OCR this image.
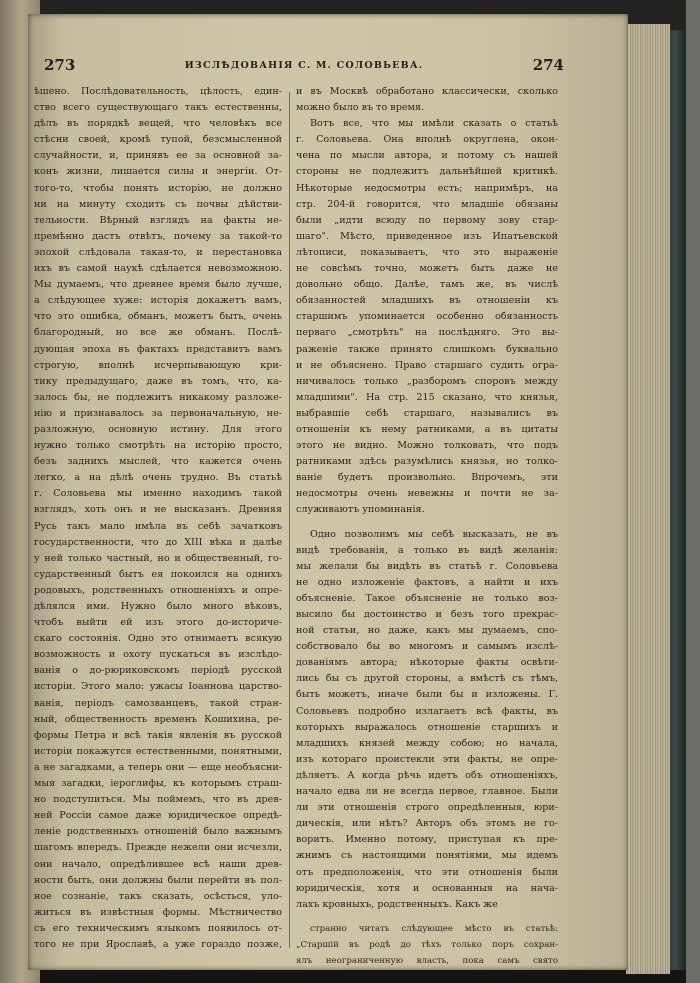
273	ИЗСЛѢДОВАНІЯ С. М. СОЛОВЬЕВА.	274
ѣшено. Послѣдовательность, цѣлость, един-
ство всего существующаго такъ естественны,
дѣлъ въ порядкѣ вещей, что человѣкъ все
стѣсни своей, кромѣ тупой, безсмысленной
случайности, и, принявъ ее за основной за-
конъ жизни, лишается силы и энергіи. От-
того-то, чтобы понять исторію, не должно
ни на минуту сходить съ почвы дѣйстви-
тельности. Вѣрный взглядъ на факты не-
премѣнно дастъ отвѣтъ, почему за такой-то
эпохой слѣдовала такая-то, и перестановка
ихъ въ самой наукѣ сдѣлается невозможною.
Мы думаемъ, что древнее время было лучше,
а слѣдующее хуже: исторія докажетъ вамъ,
что это ошибка, обманъ, можетъ быть, очень
благородный, но все же обманъ. Послѣ-
дующая эпоха въ фактахъ представитъ вамъ
строгую, вполнѣ исчерпывающую кри-
тику предыдущаго, даже въ томъ, что, ка-
залось бы, не подлежитъ никакому разложе-
нію и признавалось за первоначальную, не-
разложную, основную истину. Для этого
нужно только смотрѣть на исторію просто,
безъ заднихъ мыслей, что кажется очень
легко, а на дѣлѣ очень трудно. Въ статьѣ
г. Соловьева мы именно находимъ такой
взглядъ, хоть онъ и не высказанъ. Древняя
Русь такъ мало имѣла въ себѣ зачатковъ
государственности, что до XIII вѣка и далѣе
у ней только частный, но и общественный, го-
сударственный бытъ ея покоился на однихъ
родовыхъ, родственныхъ отношеніяхъ и опре-
дѣлялся ими. Нужно было много вѣковъ,
чтобъ выйти ей изъ этого до-историче-
скаго состоянія. Одно это отнимаетъ всякую
возможность и охоту пускаться въ изслѣдо-
ванія о до-рюриковскомъ періодѣ русской
исторіи. Этого мало: ужасы Іоаннова царство-
ванія, періодъ самозванцевъ, такой стран-
ный, общественность временъ Кошихина, ре-
формы Петра и всѣ такія явленія въ русской
исторіи покажутся естественными, понятными,
а не загадками, а теперь они — еще необъясни-
мыя загадки, іероглифы, къ которымъ страш-
но подступиться. Мы поймемъ, что въ древ-
ней Россіи самое даже юридическое опредѣ-
леніе родственныхъ отношеній было важнымъ
шагомъ впередъ. Прежде нежели они исчезли,
они начало, опредѣлившее всѣ наши древ-
ности быть, они должны были перейти въ пол-
ное сознаніе, такъ сказать, осѣсться, уло-
житься въ извѣстныя формы. Мѣстничество
съ его техническимъ языкомъ появилось от-
того не при Ярославѣ, а уже гораздо позже,
и въ Москвѣ обработано классически, сколько
можно было въ то время.
Вотъ все, что мы имѣли сказать о статьѣ
г. Соловьева. Она вполнѣ округлена, окон-
чена по мысли автора, и потому съ нашей
стороны не подлежитъ дальнѣйшей критикѣ.
Нѣкоторые недосмотры есть; напримѣръ, на
стр. 204-й говорится, что младшіе обязаны
были „идти всюду по первому зову стар-
шаго". Мѣсто, приведенное изъ Ипатьевской
лѣтописи, показываетъ, что это выраженіе
не совсѣмъ точно, можетъ быть даже не
довольно общо. Далѣе, тамъ же, въ числѣ
обязанностей младшихъ въ отношеніи къ
старшимъ упоминается особенно обязанность
перваго „смотрѣть" на послѣдняго. Это вы-
раженіе также принято слишкомъ буквально
и не объяснено. Право старшаго судить огра-
ничивалось только „разборомъ споровъ между
младшими". На стр. 215 сказано, что князья,
выбравшіе себѣ старшаго, называлисъ въ
отношеніи къ нему ратниками, а въ цитаты
этого не видно. Можно толковать, что подъ
ратниками здѣсь разумѣлись князья, но толко-
ваніе будетъ произвольно. Впрочемъ, эти
недосмотры очень невежны и почти не за-
служиваютъ упоминанія.
Одно позволимъ мы себѣ высказать, не въ
видѣ требованія, а только въ видѣ желанія:
мы желали бы видѣть въ статьѣ г. Соловьева
не одно изложеніе фактовъ, а найти и ихъ
объясненіе. Такое объясненіе не только воз-
высило бы достоинство и безъ того прекрас-
ной статьи, но даже, какъ мы думаемъ, спо-
собствовало бы во многомъ и самымъ изслѣ-
дованіямъ автора; нѣкоторые факты освѣти-
лись бы съ другой стороны, а вмѣстѣ съ тѣмъ,
быть можетъ, иначе были бы и изложены. Г.
Соловьевъ подробно излагаетъ всѣ факты, въ
которыхъ выражалось отношеніе старшихъ и
младшихъ князей между собою; но начала,
изъ котораго проистекли эти факты, не опре-
дѣляетъ. А когда рѣчь идетъ объ отношеніяхъ,
начало едва ли не всегда первое, главное. Были
ли эти отношенія строго опредѣленныя, юри-
дическія, или нѣтъ? Авторъ объ этомъ не го-
воритъ. Именно потому, приступая къ пре-
жнимъ съ настоящими понятіями, мы идемъ
отъ предположенія, что эти отношенія были
юридическія, хотя и основанныя на нача-
лахъ кровныхъ, родственныхъ. Какъ же
странно читать слѣдующее мѣсто въ статьѣ:
„Старшій въ родѣ до тѣхъ только поръ сохран-
ялъ неограниченную власть, пока самъ свято
